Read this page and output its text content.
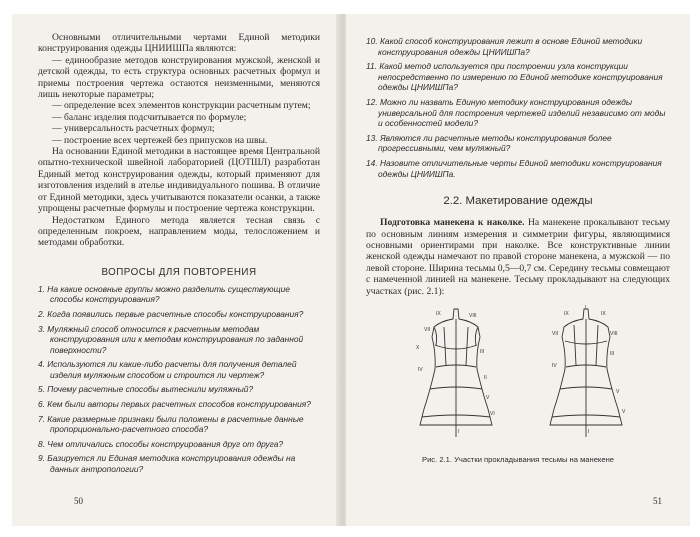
Основными отличительными чертами Единой методики конструирования одежды ЦНИИШПа являются:

— единообразие методов конструирования мужской, женской и детской одежды, то есть структура основных расчетных формул и приемы построения чертежа остаются неизменными, меняются лишь некоторые параметры;

— определение всех элементов конструкции расчетным путем;

— баланс изделия подсчитывается по формуле;

— универсальность расчетных формул;

— построение всех чертежей без припусков на швы.

На основании Единой методики в настоящее время Центральной опытно-технической швейной лабораторией (ЦОТШЛ) разработан Единый метод конструирования одежды, который применяют для изготовления изделий в ателье индивидуального пошива. В отличие от Единой методики, здесь учитываются показатели осанки, а также упрощены расчетные формулы и построение чертежа конструкции.

Недостатком Единого метода является тесная связь с определенным покроем, направлением моды, телосложением и методами обработки.

ВОПРОСЫ ДЛЯ ПОВТОРЕНИЯ

1. На какие основные группы можно разделить существующие способы конструирования?

2. Когда появились первые расчетные способы конструирования?

3. Муляжный способ относится к расчетным методам конструирования или к методам конструирования по заданной поверхности?

4. Используются ли какие-либо расчеты для получения деталей изделия муляжным способом и строится ли чертеж?

5. Почему расчетные способы вытеснили муляжный?

6. Кем были авторы первых расчетных способов конструирования?

7. Какие размерные признаки были положены в расчетные данные пропорционально-расчетного способа?

8. Чем отличались способы конструирования друг от друга?

9. Базируется ли Единая методика конструирования одежды на данных антропологии?

50

10. Какой способ конструирования лежит в основе Единой методики конструирования одежды ЦНИИШПа?

11. Какой метод используется при построении узла конструкции непосредственно по измерению по Единой методике конструирования одежды ЦНИИШПа?

12. Можно ли назвать Единую методику конструирования одежды универсальной для построения чертежей изделий независимо от моды и особенностей модели?

13. Являются ли расчетные методы конструирования более прогрессивными, чем муляжный?

14. Назовите отличительные черты Единой методики конструирования одежды ЦНИИШПа.

2.2. Макетирование одежды

Подготовка манекена к наколке. На манекене прокалывают тесьму по основным линиям измерения и симметрии фигуры, являющимися основными ориентирами при наколке. Все конструктивные линии женской одежды намечают по правой стороне манекена, а мужской — по левой стороне. Ширина тесьмы 0,5—0,7 см. Середину тесьмы совмещают с намеченной линией на манекене. Тесьму прокладывают на следующих участках (рис. 2.1):

IX	VIII
VII
X
IV
III
I
II
V
VI
IX
I
IX
VII	VIII
IV
III
I
V
V
Рис. 2.1. Участки прокладывания тесьмы на манекене
51
